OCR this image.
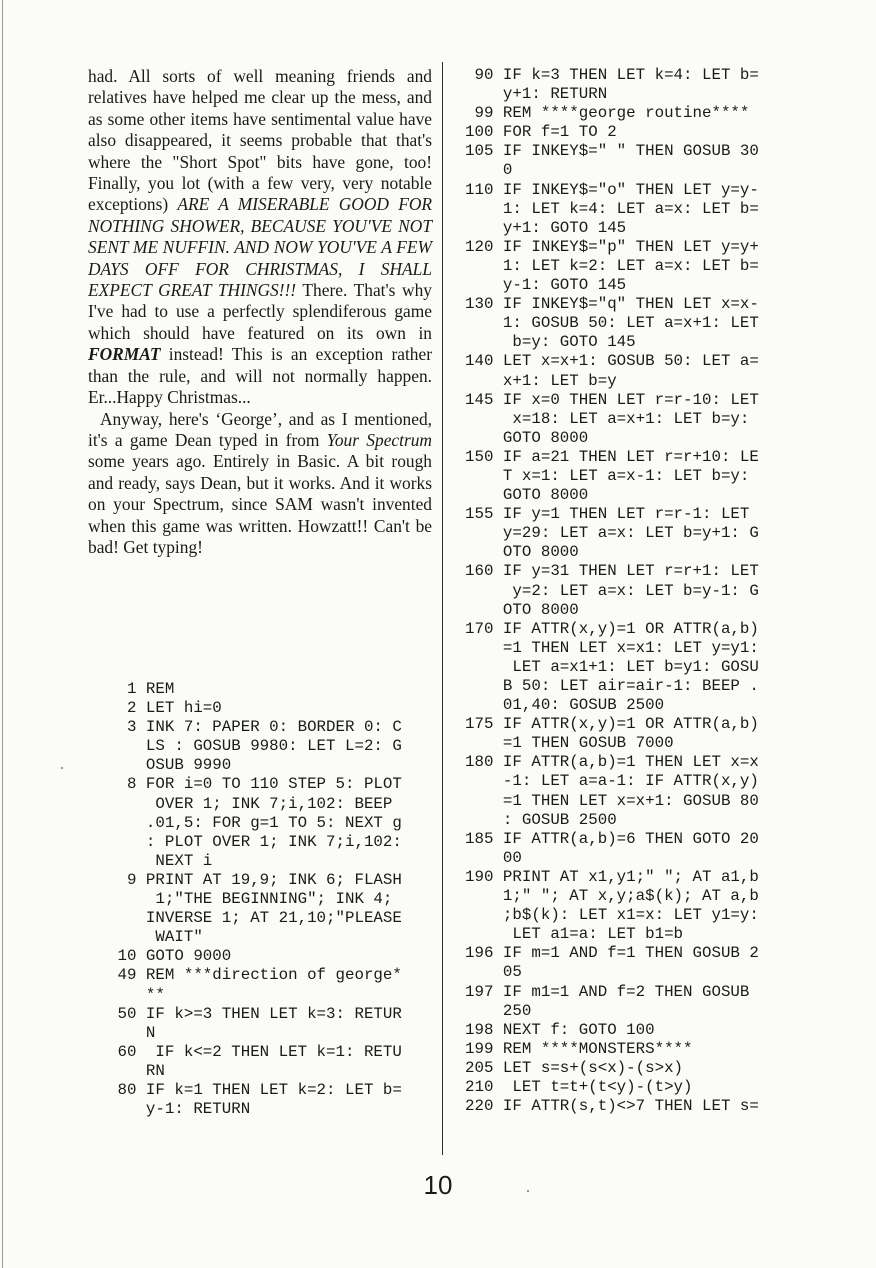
had. All sorts of well meaning friends and relatives have helped me clear up the mess, and as some other items have sentimental value have also disappeared, it seems probable that that's where the "Short Spot" bits have gone, too! Finally, you lot (with a few very, very notable exceptions) ARE A MISERABLE GOOD FOR NOTHING SHOWER, BECAUSE YOU'VE NOT SENT ME NUFFIN. AND NOW YOU'VE A FEW DAYS OFF FOR CHRISTMAS, I SHALL EXPECT GREAT THINGS!!! There. That's why I've had to use a perfectly splendiferous game which should have featured on its own in FORMAT instead! This is an exception rather than the rule, and will not normally happen. Er...Happy Christmas...

Anyway, here's ‘George’, and as I mentioned, it's a game Dean typed in from Your Spectrum some years ago. Entirely in Basic. A bit rough and ready, says Dean, but it works. And it works on your Spectrum, since SAM wasn't invented when this game was written. Howzatt!! Can't be bad! Get typing!

1 REM
2 LET hi=0
3 INK 7: PAPER 0: BORDER 0: C
LS : GOSUB 9980: LET L=2: G
OSUB 9990
8 FOR i=0 TO 110 STEP 5: PLOT
OVER 1; INK 7;i,102: BEEP
.01,5: FOR g=1 TO 5: NEXT g
: PLOT OVER 1; INK 7;i,102:
NEXT i
9 PRINT AT 19,9; INK 6; FLASH
1;"THE BEGINNING"; INK 4;
INVERSE 1; AT 21,10;"PLEASE
WAIT"
10 GOTO 9000
49 REM ***direction of george*
**
50 IF k>=3 THEN LET k=3: RETUR
N
60  IF k<=2 THEN LET k=1: RETU
RN
80 IF k=1 THEN LET k=2: LET b=
y-1: RETURN
90 IF k=3 THEN LET k=4: LET b=
y+1: RETURN
99 REM ****george routine****
100 FOR f=1 TO 2
105 IF INKEY$=" " THEN GOSUB 30
0
110 IF INKEY$="o" THEN LET y=y-
1: LET k=4: LET a=x: LET b=
y+1: GOTO 145
120 IF INKEY$="p" THEN LET y=y+
1: LET k=2: LET a=x: LET b=
y-1: GOTO 145
130 IF INKEY$="q" THEN LET x=x-
1: GOSUB 50: LET a=x+1: LET
b=y: GOTO 145
140 LET x=x+1: GOSUB 50: LET a=
x+1: LET b=y
145 IF x=0 THEN LET r=r-10: LET
x=18: LET a=x+1: LET b=y:
GOTO 8000
150 IF a=21 THEN LET r=r+10: LE
T x=1: LET a=x-1: LET b=y:
GOTO 8000
155 IF y=1 THEN LET r=r-1: LET
y=29: LET a=x: LET b=y+1: G
OTO 8000
160 IF y=31 THEN LET r=r+1: LET
y=2: LET a=x: LET b=y-1: G
OTO 8000
170 IF ATTR(x,y)=1 OR ATTR(a,b)
=1 THEN LET x=x1: LET y=y1:
LET a=x1+1: LET b=y1: GOSU
B 50: LET air=air-1: BEEP .
01,40: GOSUB 2500
175 IF ATTR(x,y)=1 OR ATTR(a,b)
=1 THEN GOSUB 7000
180 IF ATTR(a,b)=1 THEN LET x=x
-1: LET a=a-1: IF ATTR(x,y)
=1 THEN LET x=x+1: GOSUB 80
: GOSUB 2500
185 IF ATTR(a,b)=6 THEN GOTO 20
00
190 PRINT AT x1,y1;" "; AT a1,b
1;" "; AT x,y;a$(k); AT a,b
;b$(k): LET x1=x: LET y1=y:
LET a1=a: LET b1=b
196 IF m=1 AND f=1 THEN GOSUB 2
05
197 IF m1=1 AND f=2 THEN GOSUB
250
198 NEXT f: GOTO 100
199 REM ****MONSTERS****
205 LET s=s+(s<x)-(s>x)
210  LET t=t+(t<y)-(t>y)
220 IF ATTR(s,t)<>7 THEN LET s=
10
